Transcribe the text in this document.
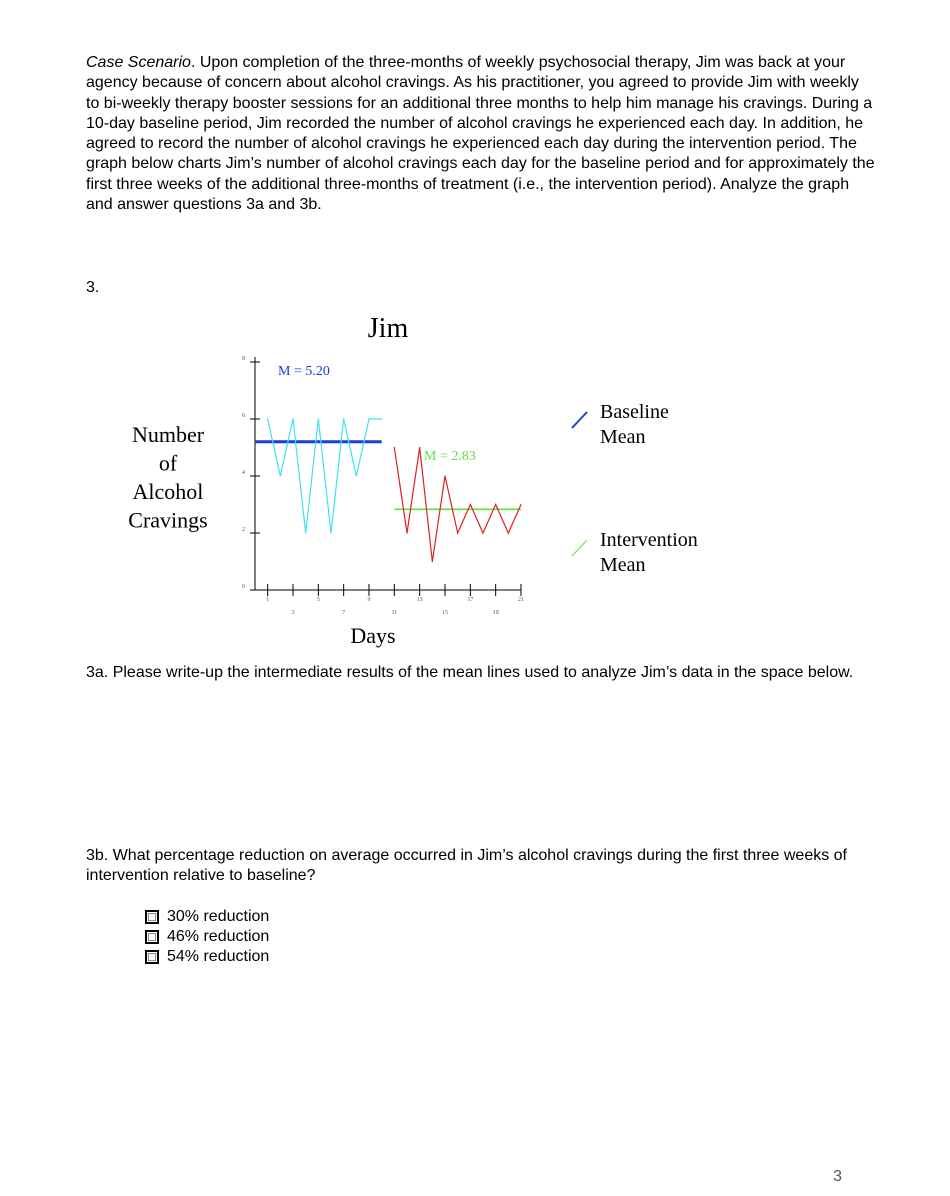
Case Scenario. Upon completion of the three-months of weekly psychosocial therapy, Jim was back at your agency because of concern about alcohol cravings. As his practitioner, you agreed to provide Jim with weekly to bi-weekly therapy booster sessions for an additional three months to help him manage his cravings. During a 10-day baseline period, Jim recorded the number of alcohol cravings he experienced each day. In addition, he agreed to record the number of alcohol cravings he experienced each day during the intervention period. The graph below charts Jim’s number of alcohol cravings each day for the baseline period and for approximately the first three weeks of the additional three-months of treatment (i.e., the intervention period). Analyze the graph and answer questions 3a and 3b.

3.
Jim
Number
of
Alcohol
Cravings
0
2
4
6
8
1	5	9	13	17	21
3	7	11	15	19
Days
M = 5.20
M = 2.83
Baseline
Mean
Intervention
Mean

3a. Please write-up the intermediate results of the mean lines used to analyze Jim’s data in the space below.

3b. What percentage reduction on average occurred in Jim’s alcohol cravings during the first three weeks of intervention relative to baseline?

30% reduction
46% reduction
54% reduction
3
